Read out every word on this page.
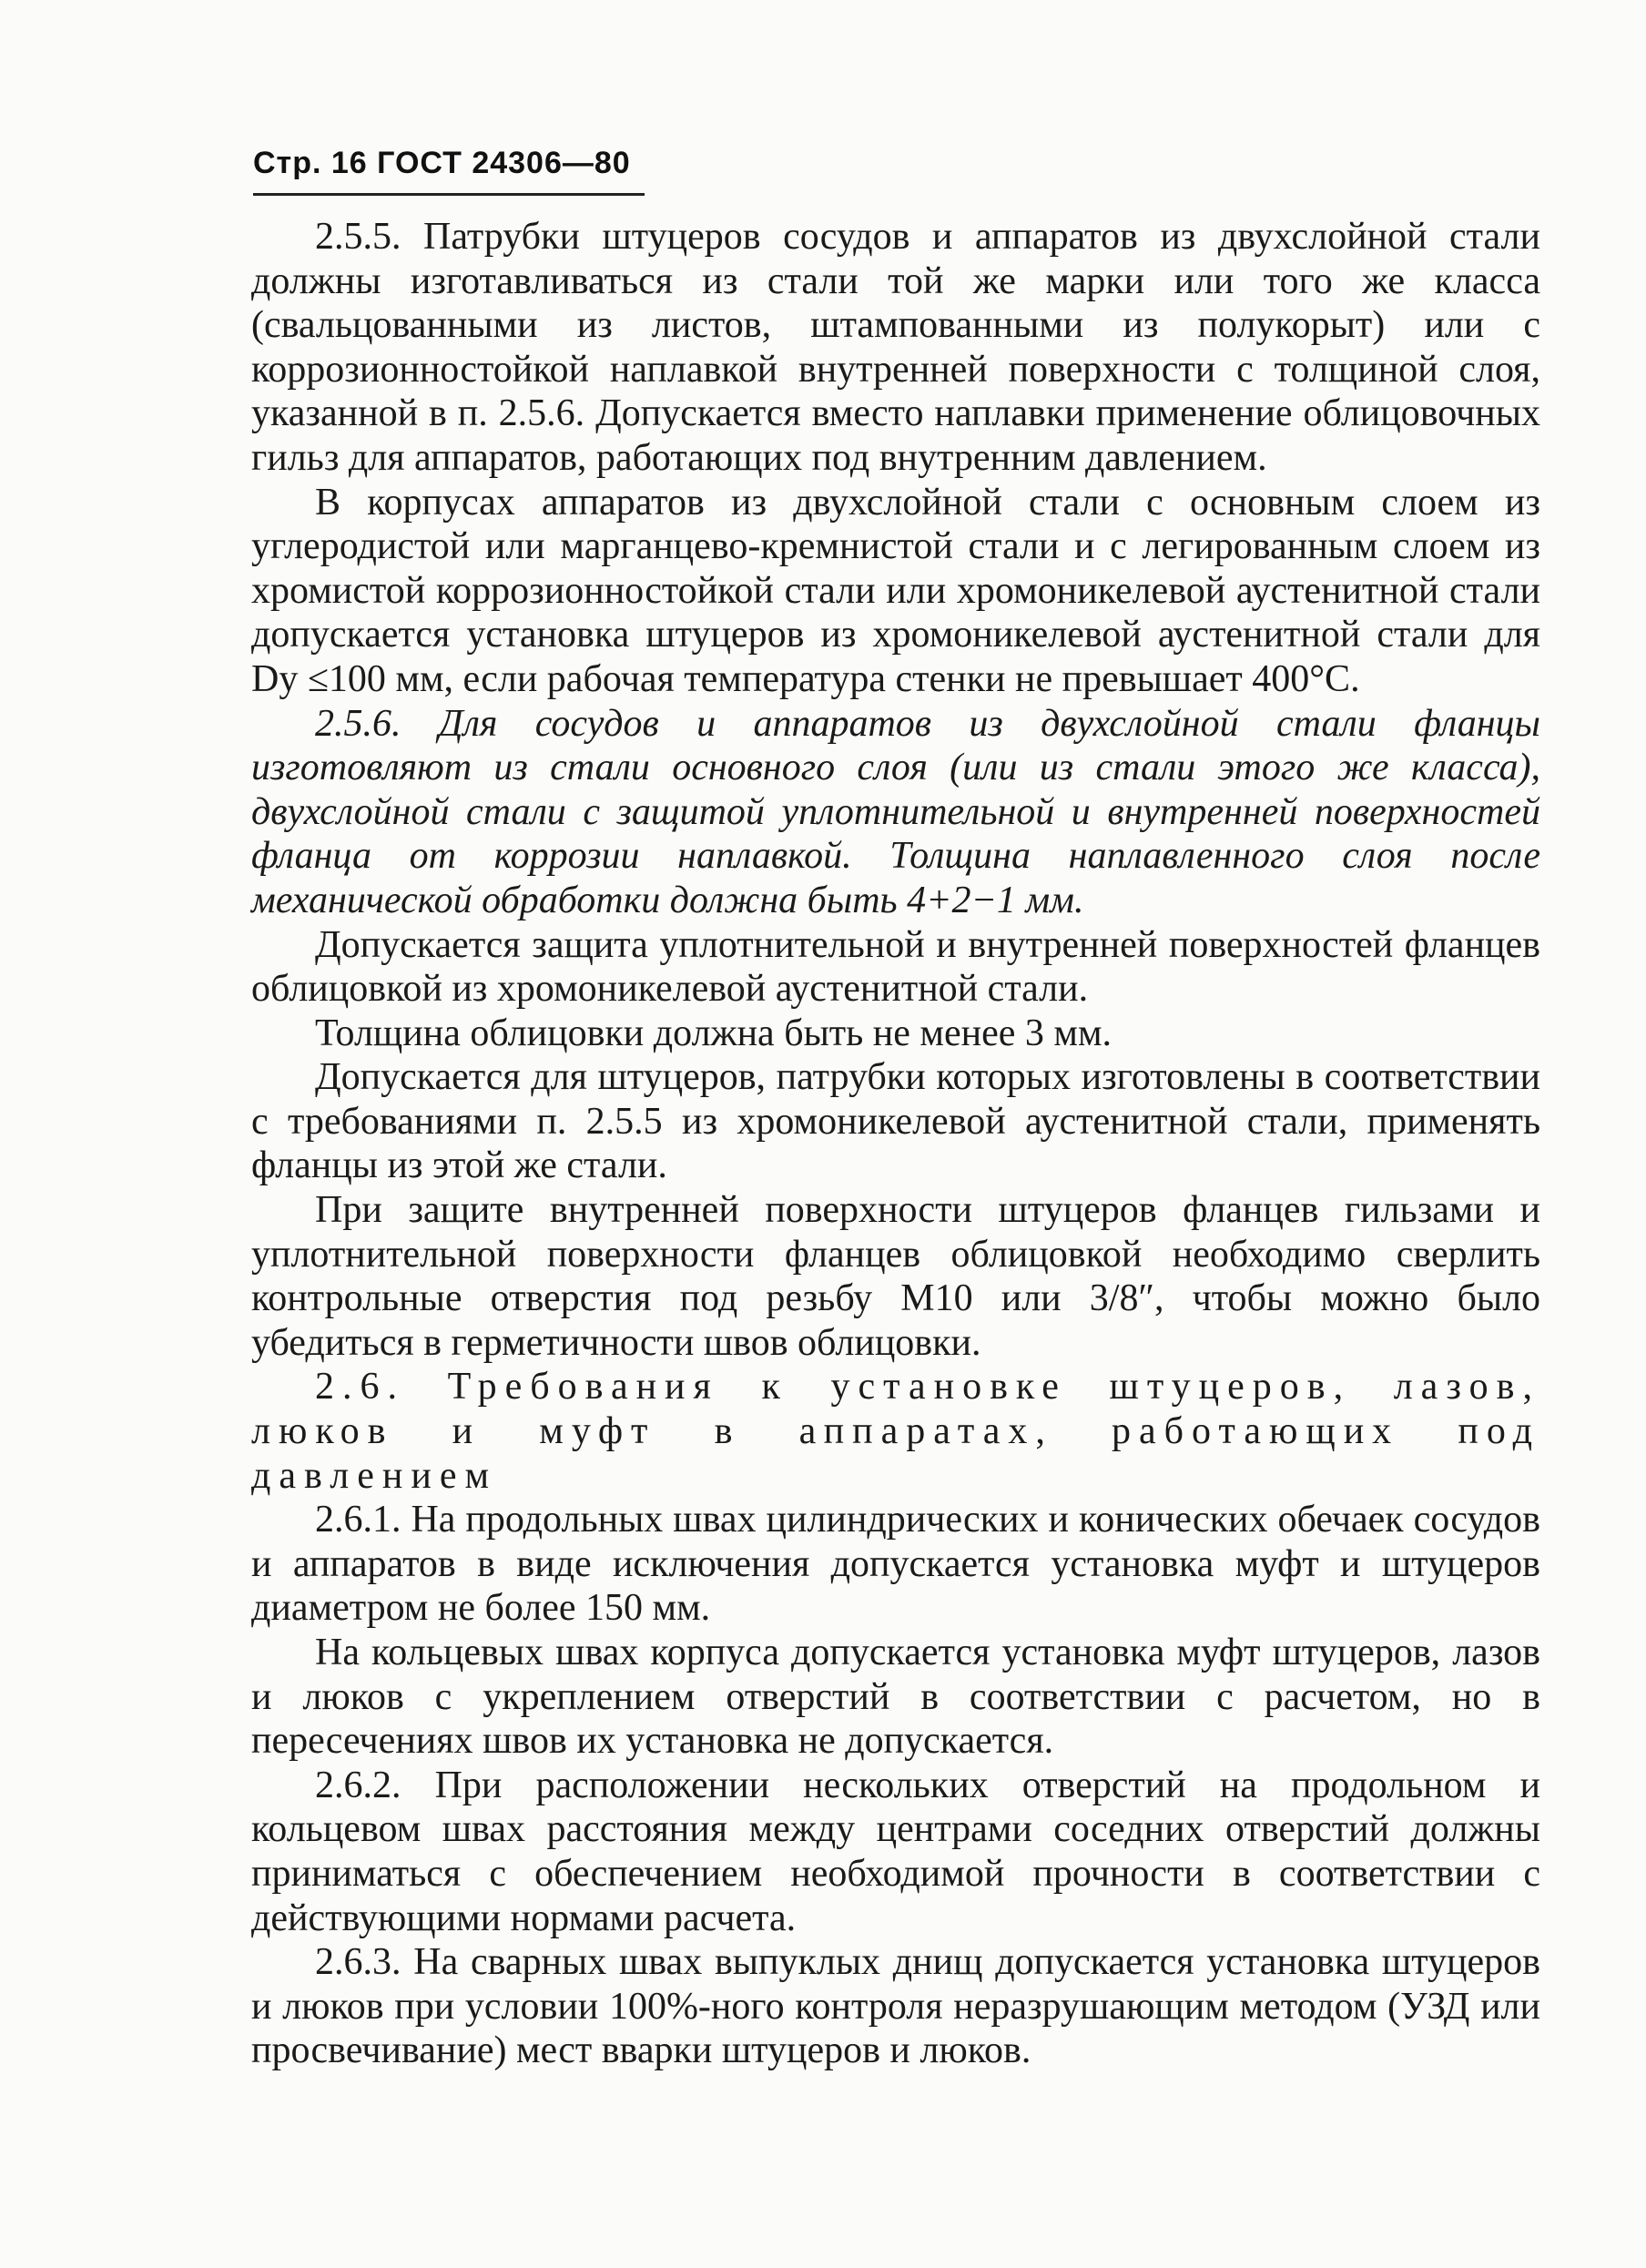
Стр. 16 ГОСТ 24306—80

2.5.5. Патрубки штуцеров сосудов и аппаратов из двухслойной стали должны изготавливаться из стали той же марки или того же класса (свальцованными из листов, штампованными из полукорыт) или с коррозионностойкой наплавкой внутренней поверхности с толщиной слоя, указанной в п. 2.5.6. Допускается вместо наплавки применение облицовочных гильз для аппаратов, работающих под внутренним давлением.

В корпусах аппаратов из двухслойной стали с основным слоем из углеродистой или марганцево-кремнистой стали и с легированным слоем из хромистой коррозионностойкой стали или хромоникелевой аустенитной стали допускается установка штуцеров из хромоникелевой аустенитной стали для Dу ≤100 мм, если рабочая температура стенки не превышает 400°С.

2.5.6. Для сосудов и аппаратов из двухслойной стали фланцы изготовляют из стали основного слоя (или из стали этого же класса), двухслойной стали с защитой уплотнительной и внутренней поверхностей фланца от коррозии наплавкой. Толщина наплавленного слоя после механической обработки должна быть 4+2−1 мм.

Допускается защита уплотнительной и внутренней поверхностей фланцев облицовкой из хромоникелевой аустенитной стали.

Толщина облицовки должна быть не менее 3 мм.

Допускается для штуцеров, патрубки которых изготовлены в соответствии с требованиями п. 2.5.5 из хромоникелевой аустенитной стали, применять фланцы из этой же стали.

При защите внутренней поверхности штуцеров фланцев гильзами и уплотнительной поверхности фланцев облицовкой необходимо сверлить контрольные отверстия под резьбу М10 или 3/8″, чтобы можно было убедиться в герметичности швов облицовки.

2.6. Требования к установке штуцеров, лазов, люков и муфт в аппаратах, работающих под давлением

2.6.1. На продольных швах цилиндрических и конических обечаек сосудов и аппаратов в виде исключения допускается установка муфт и штуцеров диаметром не более 150 мм.

На кольцевых швах корпуса допускается установка муфт штуцеров, лазов и люков с укреплением отверстий в соответствии с расчетом, но в пересечениях швов их установка не допускается.

2.6.2. При расположении нескольких отверстий на продольном и кольцевом швах расстояния между центрами соседних отверстий должны приниматься с обеспечением необходимой прочности в соответствии с действующими нормами расчета.

2.6.3. На сварных швах выпуклых днищ допускается установка штуцеров и люков при условии 100%-ного контроля неразрушающим методом (УЗД или просвечивание) мест вварки штуцеров и люков.
